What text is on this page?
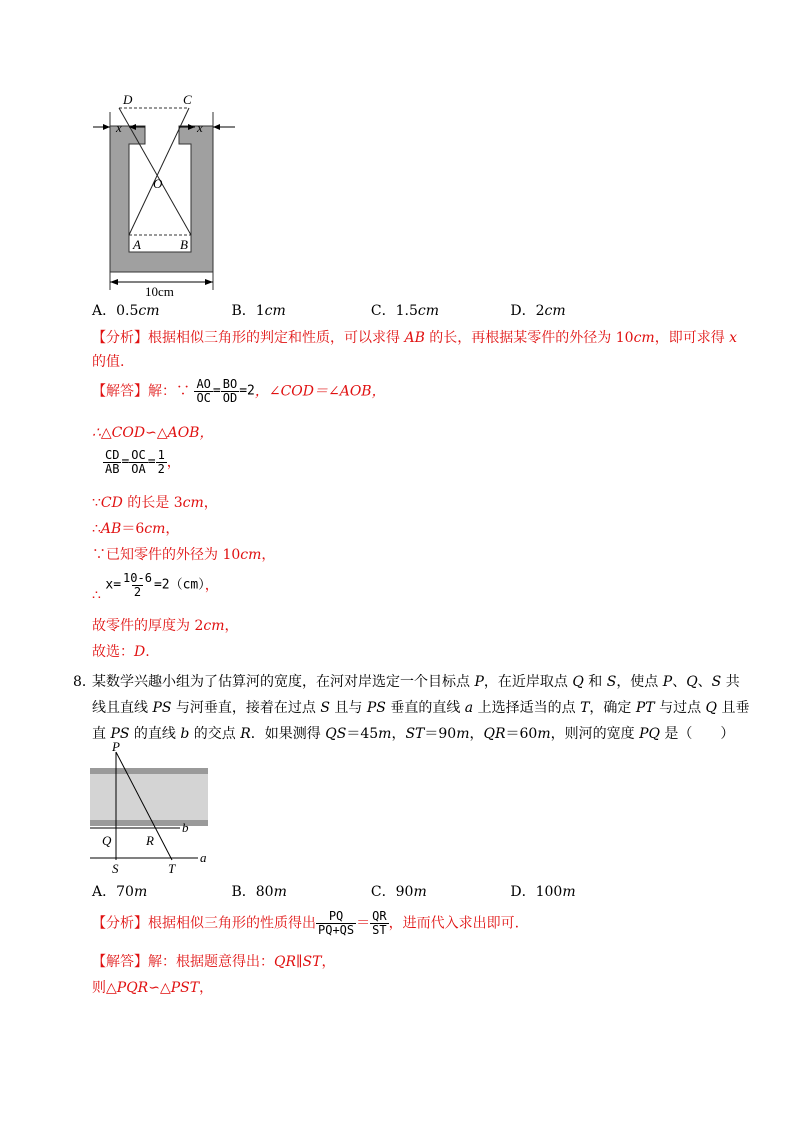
D	C
O
A	B
x	x
10cm
A．0.5cm	B．1cm	C．1.5cm	D．2cm
【分析】根据相似三角形的判定和性质，可以求得 AB 的长，再根据某零件的外径为 10cm，即可求得 x
的值.
【解答】解：∵ $\frac{AO}{OC} = \frac{BO}{OD} =2$，∠COD＝∠AOB，
∴△COD∽△AOB，
$\frac{CD}{AB} = \frac{OC}{OA} = \frac{1}{2}$ ，
∵CD 的长是 3cm，
∴AB＝6cm，
∵已知零件的外径为 10cm，
∴ $x= \frac{10-6}{2} =2(cm)$，
故零件的厚度为 2cm，
故选：D.
8．
某数学兴趣小组为了估算河的宽度，在河对岸选定一个目标点 P，在近岸取点 Q 和 S，使点 P、Q、S 共
线且直线 PS 与河垂直，接着在过点 S 且与 PS 垂直的直线 a 上选择适当的点 T，确定 PT 与过点 Q 且垂
直 PS 的直线 b 的交点 R．如果测得 QS＝45m，ST＝90m，QR＝60m，则河的宽度 PQ 是（　　）
P
Q	R
b
S	T
a
A．70m	B．80m	C．90m	D．100m
【分析】根据相似三角形的性质得出 $\frac{PQ}{PQ+QS} = \frac{QR}{ST}$ ，进而代入求出即可.
【解答】解：根据题意得出：QR∥ST，
则△PQR∽△PST，
